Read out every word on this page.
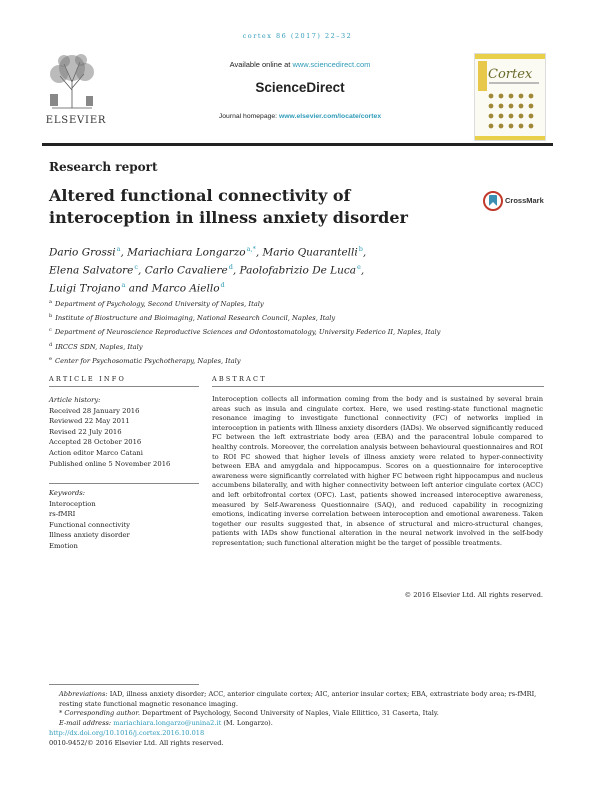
cortex 86 (2017) 22–32
ELSEVIER
Available online at www.sciencedirect.com
ScienceDirect
Journal homepage: www.elsevier.com/locate/cortex
Cortex
Research report
Altered functional connectivity of interoception in illness anxiety disorder
CrossMark
Dario Grossi$^a$, Mariachiara Longarzo$^{a,*}$, Mario Quarantelli$^b$,
Elena Salvatore$^c$, Carlo Cavaliere$^d$, Paolofabrizio De Luca$^e$,
Luigi Trojano$^a$ and Marco Aiello$^d$
$^a$ Department of Psychology, Second University of Naples, Italy
$^b$ Institute of Biostructure and Bioimaging, National Research Council, Naples, Italy
$^c$ Department of Neuroscience Reproductive Sciences and Odontostomatology, University Federico II, Naples, Italy
$^d$ IRCCS SDN, Naples, Italy
$^e$ Center for Psychosomatic Psychotherapy, Naples, Italy
ARTICLE INFO	ABSTRACT
Article history:
Received 28 January 2016
Reviewed 22 May 2011
Revised 22 July 2016
Accepted 28 October 2016
Action editor Marco Catani
Published online 5 November 2016
Keywords:
Interoception
rs-fMRI
Functional connectivity
Illness anxiety disorder
Emotion
Interoception collects all information coming from the body and is sustained by several brain areas such as insula and cingulate cortex. Here, we used resting-state functional magnetic resonance imaging to investigate functional connectivity (FC) of networks implied in interoception in patients with Illness anxiety disorders (IADs). We observed significantly reduced FC between the left extrastriate body area (EBA) and the paracentral lobule compared to healthy controls. Moreover, the correlation analysis between behavioural questionnaires and ROI to ROI FC showed that higher levels of illness anxiety were related to hyper-connectivity between EBA and amygdala and hippocampus. Scores on a questionnaire for interoceptive awareness were significantly correlated with higher FC between right hippocampus and nucleus accumbens bilaterally, and with higher connectivity between left anterior cingulate cortex (ACC) and left orbitofrontal cortex (OFC). Last, patients showed increased interoceptive awareness, measured by Self-Awareness Questionnaire (SAQ), and reduced capability in recognizing emotions, indicating inverse correlation between interoception and emotional awareness. Taken together our results suggested that, in absence of structural and micro-structural changes, patients with IADs show functional alteration in the neural network involved in the self-body representation; such functional alteration might be the target of possible treatments.
© 2016 Elsevier Ltd. All rights reserved.
Abbreviations: IAD, illness anxiety disorder; ACC, anterior cingulate cortex; AIC, anterior insular cortex; EBA, extrastriate body area; rs-fMRI, resting state functional magnetic resonance imaging.
* Corresponding author. Department of Psychology, Second University of Naples, Viale Ellittico, 31 Caserta, Italy.
E-mail address: mariachiara.longarzo@unina2.it (M. Longarzo).
http://dx.doi.org/10.1016/j.cortex.2016.10.018
0010-9452/© 2016 Elsevier Ltd. All rights reserved.
